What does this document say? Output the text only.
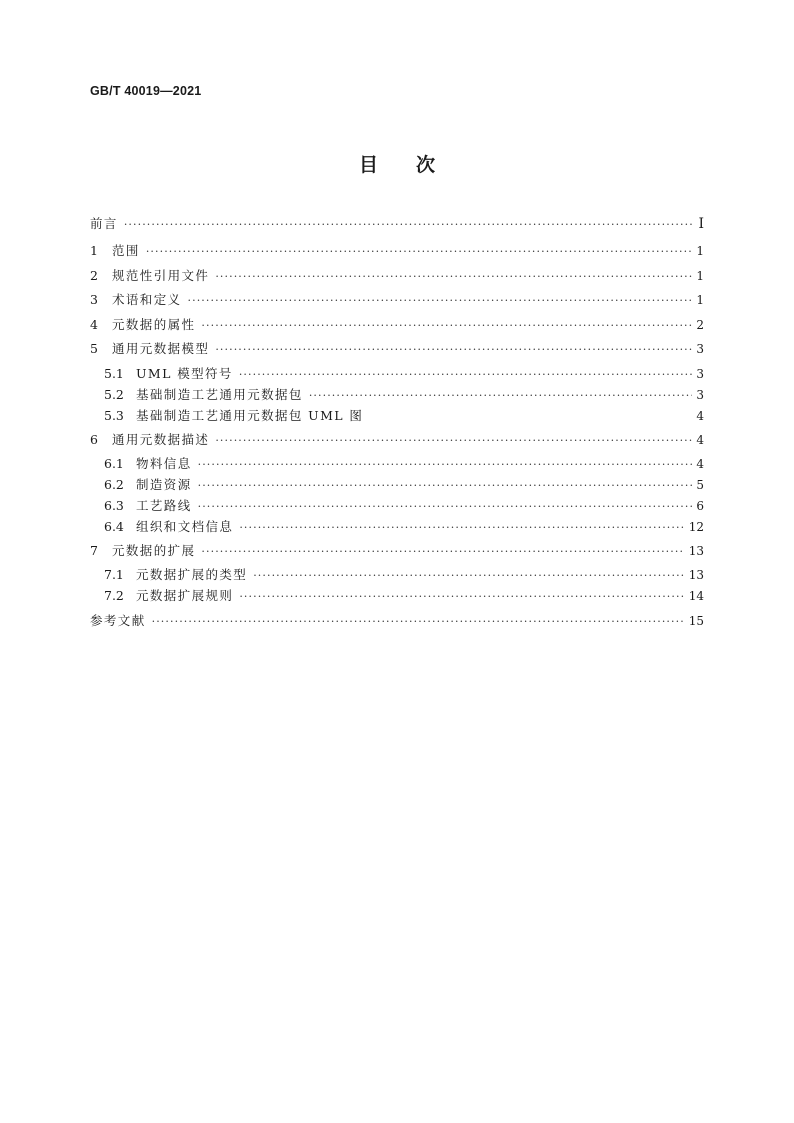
GB/T 40019—2021
目 次
前言 ·····	Ⅰ
1	范围 ·····	1
2	规范性引用文件 ·····	1
3	术语和定义 ·····	1
4	元数据的属性 ·····	2
5	通用元数据模型 ·····	3
5.1 UML 模型符号 ·····	3
5.2 基础制造工艺通用元数据包 ·····	3
5.3 基础制造工艺通用元数据包 UML 图	4
6	通用元数据描述 ·····	4
6.1 物料信息 ·····	4
6.2 制造资源 ·····	5
6.3 工艺路线 ·····	6
6.4 组织和文档信息 ·····	12
7	元数据的扩展 ·····	13
7.1 元数据扩展的类型 ·····	13
7.2 元数据扩展规则 ·····	14
参考文献 ·····	15
